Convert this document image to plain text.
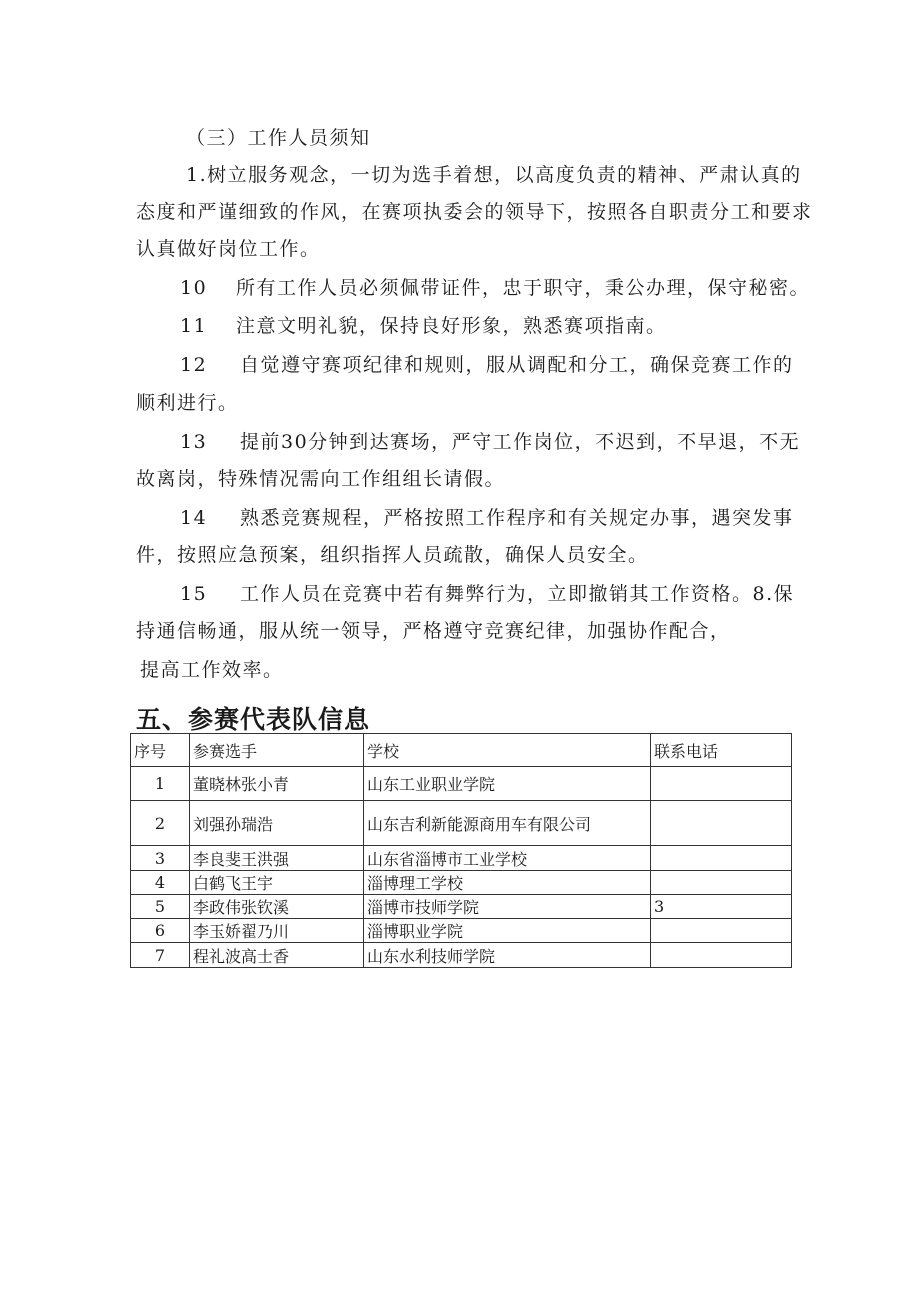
（三）工作人员须知
1.树立服务观念，一切为选手着想，以高度负责的精神、严肃认真的
态度和严谨细致的作风，在赛项执委会的领导下，按照各自职责分工和要求
认真做好岗位工作。
10 所有工作人员必须佩带证件，忠于职守，秉公办理，保守秘密。
11 注意文明礼貌，保持良好形象，熟悉赛项指南。
12 自觉遵守赛项纪律和规则，服从调配和分工，确保竞赛工作的
顺利进行。
13 提前30分钟到达赛场，严守工作岗位，不迟到，不早退，不无
故离岗，特殊情况需向工作组组长请假。
14 熟悉竞赛规程，严格按照工作程序和有关规定办事，遇突发事
件，按照应急预案，组织指挥人员疏散，确保人员安全。
15 工作人员在竞赛中若有舞弊行为，立即撤销其工作资格。8.保
持通信畅通，服从统一领导，严格遵守竞赛纪律，加强协作配合，
提高工作效率。
五、参赛代表队信息
序号	参赛选手	学校	联系电话
1	董晓林张小青	山东工业职业学院	
2	刘强孙瑞浩	山东吉利新能源商用车有限公司	
3	李良斐王洪强	山东省淄博市工业学校	
4	白鹤飞王宇	淄博理工学校	
5	李政伟张钦溪	淄博市技师学院	3
6	李玉娇翟乃川	淄博职业学院	
7	程礼波高士香	山东水利技师学院	
